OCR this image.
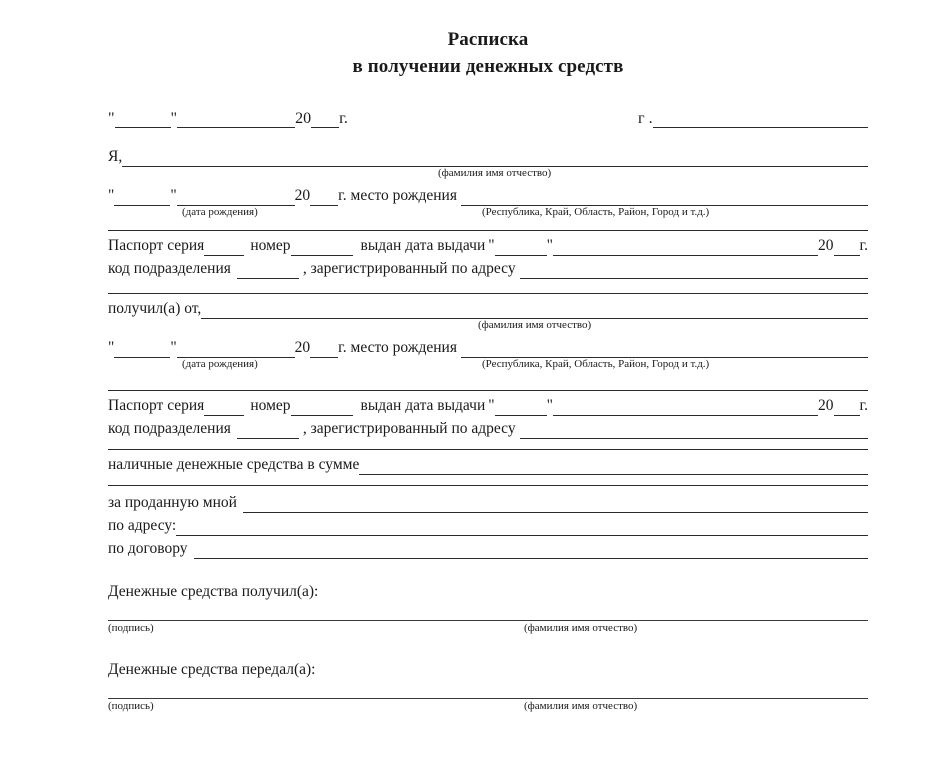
Расписка
в получении денежных средств
"	"	20 г.	г .
Я,
(фамилия имя отчество)
"	"	20 г. место рождения
(дата рождения)	(Республика, Край, Область, Район, Город и т.д.)
Паспорт серия	номер	выдан дата выдачи "	"	20 г.
код подразделения	, зарегистрированный по адресу
получил(а) от,
(фамилия имя отчество)
"	"	20 г. место рождения
(дата рождения)	(Республика, Край, Область, Район, Город и т.д.)
Паспорт серия	номер	выдан дата выдачи "	"	20 г.
код подразделения	, зарегистрированный по адресу
наличные денежные средства в сумме
за проданную мной
по адресу:
по договору
Денежные средства получил(а):
(подпись)	(фамилия имя отчество)
Денежные средства передал(а):
(подпись)	(фамилия имя отчество)
